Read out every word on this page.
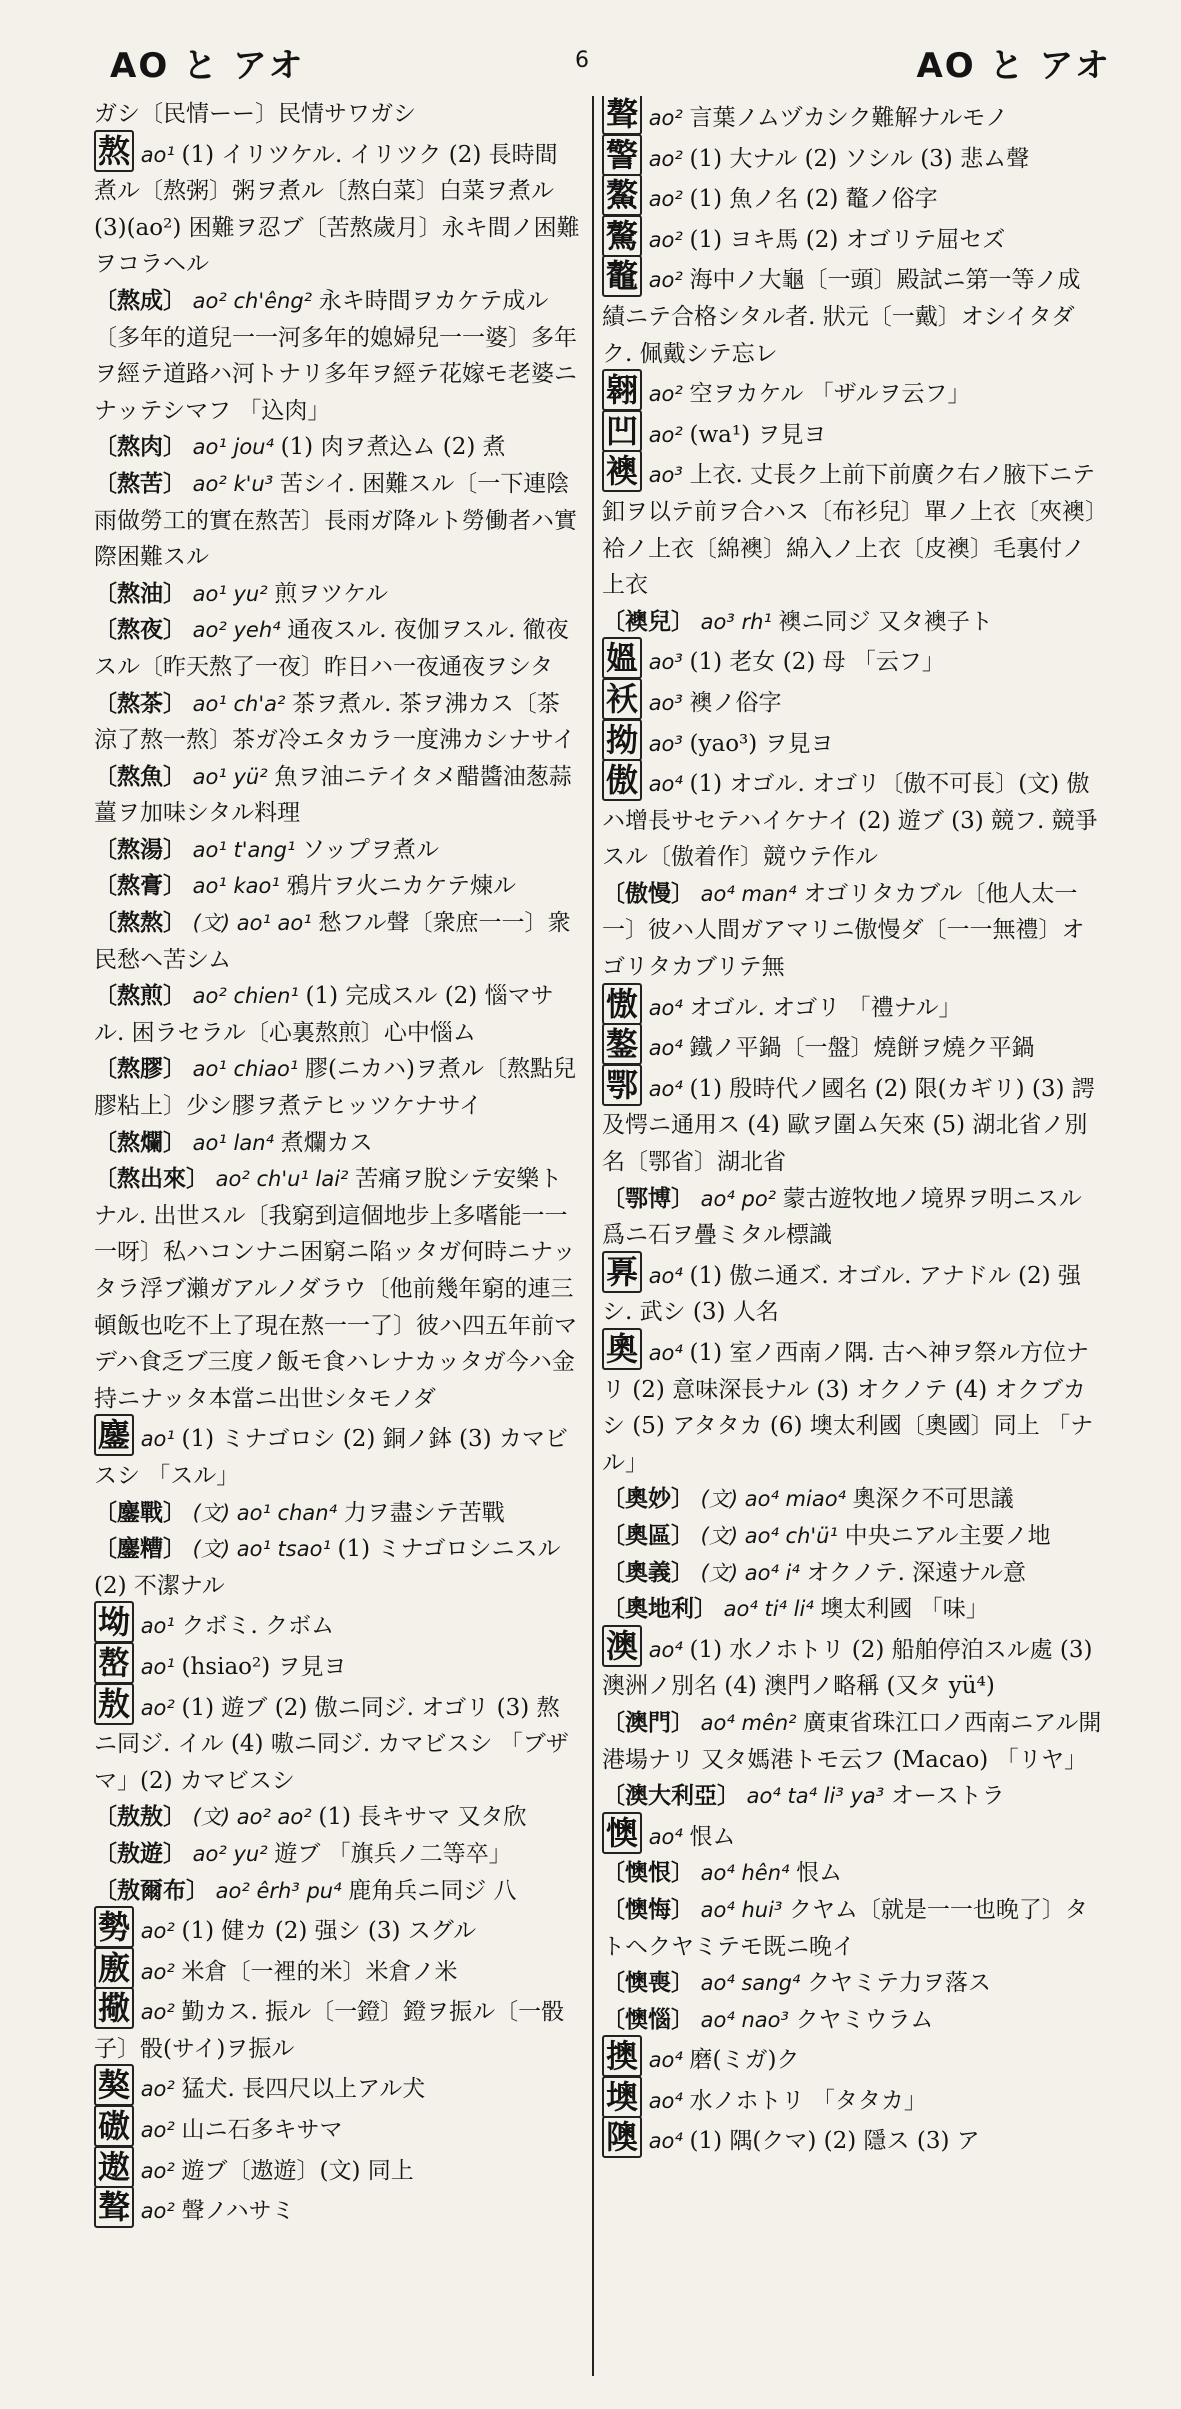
AO と アオ	6	AO と アオ

ガシ〔民情ーー〕民情サワガシ

熬 ao¹ (1) イリツケル. イリツク (2) 長時間煮ル〔熬粥〕粥ヲ煮ル〔熬白菜〕白菜ヲ煮ル (3)(ao²) 困難ヲ忍ブ〔苦熬歲月〕永キ間ノ困難ヲコラヘル

〔熬成〕 ao² ch'êng² 永キ時間ヲカケテ成ル〔多年的道兒一一河多年的媳婦兒一一婆〕多年ヲ經テ道路ハ河トナリ多年ヲ經テ花嫁モ老婆ニナッテシマフ 「込肉」

〔熬肉〕 ao¹ jou⁴ (1) 肉ヲ煮込ム (2) 煮

〔熬苦〕 ao² k'u³ 苦シイ. 困難スル〔一下連陰雨做勞工的實在熬苦〕長雨ガ降ルト勞働者ハ實際困難スル

〔熬油〕 ao¹ yu² 煎ヲツケル

〔熬夜〕 ao² yeh⁴ 通夜スル. 夜伽ヲスル. 徹夜スル〔昨天熬了一夜〕昨日ハ一夜通夜ヲシタ

〔熬茶〕 ao¹ ch'a² 茶ヲ煮ル. 茶ヲ沸カス〔茶涼了熬一熬〕茶ガ冷エタカラ一度沸カシナサイ

〔熬魚〕 ao¹ yü² 魚ヲ油ニテイタメ醋醬油葱蒜薑ヲ加味シタル料理

〔熬湯〕 ao¹ t'ang¹ ソップヲ煮ル

〔熬膏〕 ao¹ kao¹ 鴉片ヲ火ニカケテ煉ル

〔熬熬〕 (文) ao¹ ao¹ 愁フル聲〔衆庶一一〕衆民愁ヘ苦シム

〔熬煎〕 ao² chien¹ (1) 完成スル (2) 惱マサル. 困ラセラル〔心裏熬煎〕心中惱ム

〔熬膠〕 ao¹ chiao¹ 膠(ニカハ)ヲ煮ル〔熬點兒膠粘上〕少シ膠ヲ煮テヒッツケナサイ

〔熬爛〕 ao¹ lan⁴ 煮爛カス

〔熬出來〕 ao² ch'u¹ lai² 苦痛ヲ脫シテ安樂トナル. 出世スル〔我窮到這個地步上多嗜能一一一呀〕私ハコンナニ困窮ニ陷ッタガ何時ニナッタラ浮ブ瀨ガアルノダラウ〔他前幾年窮的連三頓飯也吃不上了現在熬一一了〕彼ハ四五年前マデハ食乏ブ三度ノ飯モ食ハレナカッタガ今ハ金持ニナッタ本當ニ出世シタモノダ

鏖 ao¹ (1) ミナゴロシ (2) 銅ノ鉢 (3) カマビスシ 「スル」

〔鏖戰〕 (文) ao¹ chan⁴ 力ヲ盡シテ苦戰

〔鏖糟〕 (文) ao¹ tsao¹ (1) ミナゴロシニスル (2) 不潔ナル

坳 ao¹ クボミ. クボム

嶅 ao¹ (hsiao²) ヲ見ヨ

敖 ao² (1) 遊ブ (2) 傲ニ同ジ. オゴリ (3) 熬ニ同ジ. イル (4) 嗷ニ同ジ. カマビスシ 「ブザマ」(2) カマビスシ

〔敖敖〕 (文) ao² ao² (1) 長キサマ 又タ欣

〔敖遊〕 ao² yu² 遊ブ 「旗兵ノ二等卒」

〔敖爾布〕 ao² êrh³ pu⁴ 鹿角兵ニ同ジ 八

勢 ao² (1) 健カ (2) 强シ (3) スグル

廒 ao² 米倉〔一裡的米〕米倉ノ米

擏 ao² 勤カス. 振ル〔一鐙〕鐙ヲ振ル〔一骰子〕骰(サイ)ヲ振ル

獒 ao² 猛犬. 長四尺以上アル犬

磝 ao² 山ニ石多キサマ

遨 ao² 遊ブ〔遨遊〕(文) 同上

聱 ao² 聲ノハサミ

聱 ao² 言葉ノムヅカシク難解ナルモノ

警 ao² (1) 大ナル (2) ソシル (3) 悲ム聲

鰲 ao² (1) 魚ノ名 (2) 鼇ノ俗字

驁 ao² (1) ヨキ馬 (2) オゴリテ屈セズ

鼇 ao² 海中ノ大龜〔一頭〕殿試ニ第一等ノ成績ニテ合格シタル者. 狀元〔一戴〕オシイタダク. 佩戴シテ忘レ

翱 ao² 空ヲカケル 「ザルヲ云フ」

凹 ao² (wa¹) ヲ見ヨ

襖 ao³ 上衣. 丈長ク上前下前廣ク右ノ腋下ニテ釦ヲ以テ前ヲ合ハス〔布衫兒〕單ノ上衣〔夾襖〕袷ノ上衣〔綿襖〕綿入ノ上衣〔皮襖〕毛裏付ノ上衣

〔襖兒〕 ao³ rh¹ 襖ニ同ジ 又タ襖子ト

媼 ao³ (1) 老女 (2) 母 「云フ」

袄 ao³ 襖ノ俗字

拗 ao³ (yao³) ヲ見ヨ

傲 ao⁴ (1) オゴル. オゴリ〔傲不可長〕(文) 傲ハ增長サセテハイケナイ (2) 遊ブ (3) 競フ. 競爭スル〔傲着作〕競ウテ作ル

〔傲慢〕 ao⁴ man⁴ オゴリタカブル〔他人太一一〕彼ハ人間ガアマリニ傲慢ダ〔一一無禮〕オゴリタカブリテ無

慠 ao⁴ オゴル. オゴリ 「禮ナル」

鏊 ao⁴ 鐵ノ平鍋〔一盤〕燒餅ヲ燒ク平鍋

鄂 ao⁴ (1) 殷時代ノ國名 (2) 限(カギリ) (3) 諤及愕ニ通用ス (4) 歐ヲ圍ム矢來 (5) 湖北省ノ別名〔鄂省〕湖北省

〔鄂博〕 ao⁴ po² 蒙古遊牧地ノ境界ヲ明ニスル爲ニ石ヲ疊ミタル標識

奡 ao⁴ (1) 傲ニ通ズ. オゴル. アナドル (2) 强シ. 武シ (3) 人名

奧 ao⁴ (1) 室ノ西南ノ隅. 古ヘ神ヲ祭ル方位ナリ (2) 意味深長ナル (3) オクノテ (4) オクブカシ (5) アタタカ (6) 墺太利國〔奧國〕同上 「ナル」

〔奧妙〕 (文) ao⁴ miao⁴ 奧深ク不可思議

〔奧區〕 (文) ao⁴ ch'ü¹ 中央ニアル主要ノ地

〔奧義〕 (文) ao⁴ i⁴ オクノテ. 深遠ナル意

〔奧地利〕 ao⁴ ti⁴ li⁴ 墺太利國 「味」

澳 ao⁴ (1) 水ノホトリ (2) 船舶停泊スル處 (3) 澳洲ノ別名 (4) 澳門ノ略稱 (又タ yü⁴)

〔澳門〕 ao⁴ mên² 廣東省珠江口ノ西南ニアル開港場ナリ 又タ媽港トモ云フ (Macao) 「リヤ」

〔澳大利亞〕 ao⁴ ta⁴ li³ ya³ オーストラ

懊 ao⁴ 恨ム

〔懊恨〕 ao⁴ hên⁴ 恨ム

〔懊悔〕 ao⁴ hui³ クヤム〔就是一一也晚了〕タトヘクヤミテモ既ニ晚イ

〔懊喪〕 ao⁴ sang⁴ クヤミテ力ヲ落ス

〔懊惱〕 ao⁴ nao³ クヤミウラム

擙 ao⁴ 磨(ミガ)ク

墺 ao⁴ 水ノホトリ 「タタカ」

隩 ao⁴ (1) 隅(クマ) (2) 隱ス (3) ア
